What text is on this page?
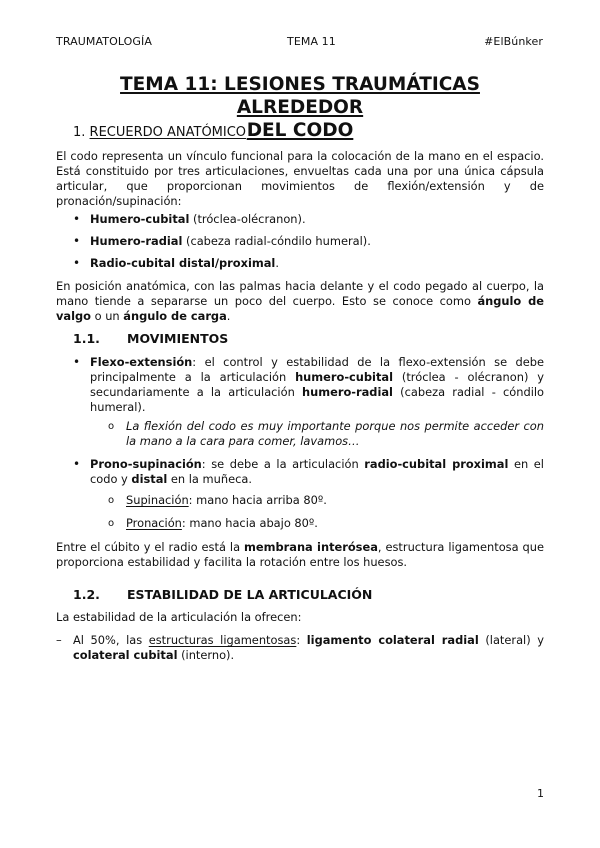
TRAUMATOLOGÍA	TEMA 11	#ElBúnker
TEMA 11: LESIONES TRAUMÁTICAS ALREDEDOR
DEL CODO
1. RECUERDO ANATÓMICO

El codo representa un vínculo funcional para la colocación de la mano en el espacio. Está constituido por tres articulaciones, envueltas cada una por una única cápsula articular, que proporcionan movimientos de flexión/extensión y de pronación/supinación:

• Humero-cubital (tróclea-olécranon).
• Humero-radial (cabeza radial-cóndilo humeral).
• Radio-cubital distal/proximal.

En posición anatómica, con las palmas hacia delante y el codo pegado al cuerpo, la mano tiende a separarse un poco del cuerpo. Esto se conoce como ángulo de valgo o un ángulo de carga.

1.1. MOVIMIENTOS
• Flexo-extensión: el control y estabilidad de la flexo-extensión se debe principalmente a la articulación humero-cubital (tróclea - olécranon) y secundariamente a la articulación humero-radial (cabeza radial - cóndilo humeral).
o La flexión del codo es muy importante porque nos permite acceder con la mano a la cara para comer, lavamos…
• Prono-supinación: se debe a la articulación radio-cubital proximal en el codo y distal en la muñeca.
o Supinación: mano hacia arriba 80º.
o Pronación: mano hacia abajo 80º.

Entre el cúbito y el radio está la membrana interósea, estructura ligamentosa que proporciona estabilidad y facilita la rotación entre los huesos.

1.2. ESTABILIDAD DE LA ARTICULACIÓN

La estabilidad de la articulación la ofrecen:

– Al 50%, las estructuras ligamentosas: ligamento colateral radial (lateral) y colateral cubital (interno).
1
